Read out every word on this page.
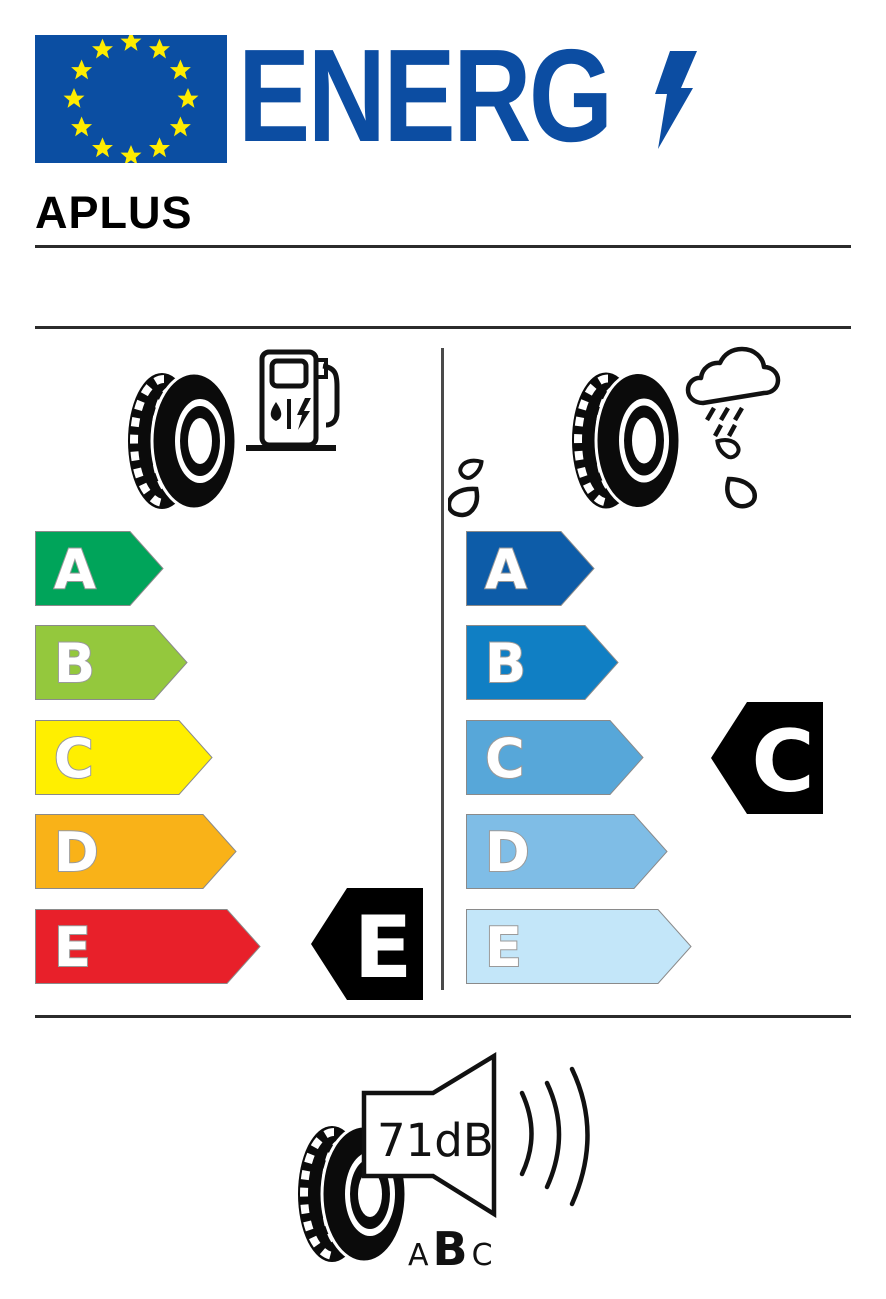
ENERG
APLUS
A
B
C
D
E	E
A
B
C
D
E
C
71dB
A B C
